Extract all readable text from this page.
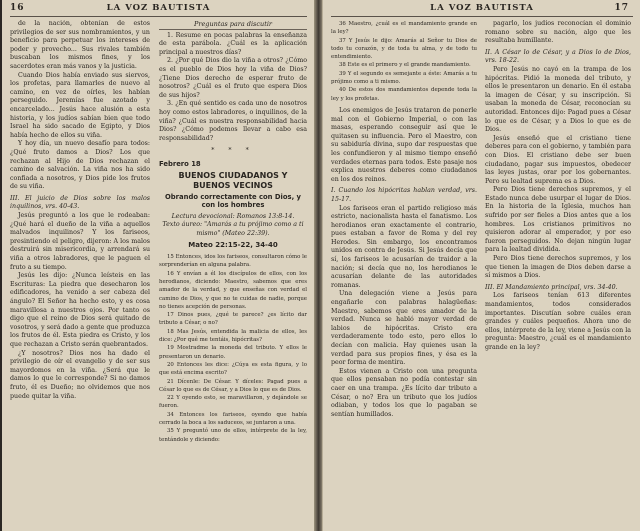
16	LA VOZ BAUTISTA

de la nación, obtenían de estos privilegios de ser sus nombramientos, y un beneficio para perpetuar los intereses de poder y provecho... Sus rivales también buscaban los mismos fines, y los sacerdotes eran más vanos y la justicia.

Cuando Dios había enviado sus siervos, los profetas, para llamarles de nuevo al camino, en vez de oírles, les habían perseguido. Jeremías fue azotado y encarcelado... Jesús hace alusión a esta historia, y los judíos sabían bien que todo Israel ha sido sacado de Egipto, y Dios había hecho de ellos su viña.

Y hoy día, un nuevo desafío para todos: ¿Qué fruto damos a Dios? Los que rechazan al Hijo de Dios rechazan el camino de salvación. La viña nos ha sido confiada a nosotros, y Dios pide los frutos de su viña.

III. El juicio de Dios sobre los malos inquilinos, vrs. 40-43.

Jesús preguntó a los que le rodeaban: ¿Qué hará el dueño de la viña a aquellos malvados inquilinos? Y los fariseos, presintiendo el peligro, dijeron: A los malos destruirá sin misericordia, y arrendará su viña a otros labradores, que le paguen el fruto a su tiempo.

Jesús les dijo: ¿Nunca leísteis en las Escrituras: La piedra que desecharon los edificadores, ha venido a ser cabeza del ángulo? El Señor ha hecho esto, y es cosa maravillosa a nuestros ojos. Por tanto os digo que el reino de Dios será quitado de vosotros, y será dado a gente que produzca los frutos de él. Esta piedra es Cristo, y los que rechazan a Cristo serán quebrantados.

¿Y nosotros? Dios nos ha dado el privilegio de oír el evangelio y de ser sus mayordomos en la viña. ¿Será que le damos lo que le corresponde? Si no damos fruto, él es Dueño; no olvidemos que nos puede quitar la viña.

Preguntas para discutir

1. Resume en pocas palabras la enseñanza de esta parábola. ¿Cuál es la aplicación principal a nuestros días?

2. ¿Por qué Dios dio la viña a otros? ¿Cómo es el pueblo de Dios hoy la viña de Dios? ¿Tiene Dios derecho de esperar fruto de nosotros? ¿Cuál es el fruto que espera Dios de sus hijos?

3. ¿En qué sentido es cada uno de nosotros hoy como estos labradores, o inquilinos, de la viña? ¿Cuál es nuestra responsabilidad hacia Dios? ¿Cómo podemos llevar a cabo esa responsabilidad?

* * *

Febrero 18

BUENOS CIUDADANOS Y BUENOS VECINOS

Obrando correctamente con Dios, y con los hombres

Lectura devocional: Romanos 13:8-14.

Texto áureo: "Amarás a tu prójimo como a ti mismo" (Mateo 22:39).

Mateo 22:15-22, 34-40

15 Entonces, idos los fariseos, consultaron cómo le sorprenderían en alguna palabra.

16 Y envían a él los discípulos de ellos, con los herodianos, diciendo: Maestro, sabemos que eres amador de la verdad, y que enseñas con verdad el camino de Dios, y que no te cuidas de nadie, porque no tienes acepción de personas.

17 Dinos pues, ¿qué te parece? ¿es lícito dar tributo a César, o no?

18 Mas Jesús, entendida la malicia de ellos, les dice: ¿Por qué me tentáis, hipócritas?

19 Mostradme la moneda del tributo. Y ellos le presentaron un denario.

20 Entonces les dice: ¿Cúya es esta figura, y lo que está encima escrito?

21 Dícenle: De César. Y díceles: Pagad pues a César lo que es de César, y a Dios lo que es de Dios.

22 Y oyendo esto, se maravillaron, y dejándole se fueron.

34 Entonces los fariseos, oyendo que había cerrado la boca a los saduceos, se juntaron a una.

35 Y preguntó uno de ellos, intérprete de la ley, tentándole y diciendo:

LA VOZ BAUTISTA	17

36 Maestro, ¿cuál es el mandamiento grande en la ley?

37 Y Jesús le dijo: Amarás al Señor tu Dios de todo tu corazón, y de toda tu alma, y de todo tu entendimiento.

38 Este es el primero y el grande mandamiento.

39 Y el segundo es semejante a éste: Amarás a tu prójimo como a ti mismo.

40 De estos dos mandamientos depende toda la ley y los profetas.

Los enemigos de Jesús trataron de ponerle mal con el Gobierno Imperial, o con las masas, esperando conseguir así que le quitasen su influencia. Pero el Maestro, con su sabiduría divina, supo dar respuestas que les confundieron y al mismo tiempo enseñó verdades eternas para todos. Este pasaje nos explica nuestros deberes como ciudadanos en los dos reinos.

I. Cuando los hipócritas hablan verdad, vrs. 15-17.

Los fariseos eran el partido religioso más estricto, nacionalista hasta el fanatismo. Los herodianos eran exactamente el contrario, pues estaban a favor de Roma y del rey Herodes. Sin embargo, los encontramos unidos en contra de Jesús. Si Jesús decía que sí, los fariseos le acusarían de traidor a la nación; si decía que no, los herodianos le acusarían delante de las autoridades romanas.

Una delegación viene a Jesús para engañarle con palabras halagüeñas: Maestro, sabemos que eres amador de la verdad. Nunca se habló mayor verdad de labios de hipócritas. Cristo era verdaderamente todo esto, pero ellos lo decían con malicia. Hay quienes usan la verdad para sus propios fines, y ésa es la peor forma de mentira.

Estos vienen a Cristo con una pregunta que ellos pensaban no podía contestar sin caer en una trampa. ¿Es lícito dar tributo a César, o no? Era un tributo que los judíos odiaban, y todos los que lo pagaban se sentían humillados.

pagarlo, los judíos reconocían el dominio romano sobre su nación, algo que les resultaba humillante.

II. A César lo de César, y a Dios lo de Dios, vrs. 18-22.

Pero Jesús no cayó en la trampa de los hipócritas. Pidió la moneda del tributo, y ellos le presentaron un denario. En él estaba la imagen de César, y su inscripción. Si usaban la moneda de César, reconocían su autoridad. Entonces dijo: Pagad pues a César lo que es de César, y a Dios lo que es de Dios.

Jesús enseñó que el cristiano tiene deberes para con el gobierno, y también para con Dios. El cristiano debe ser buen ciudadano, pagar sus impuestos, obedecer las leyes justas, orar por los gobernantes. Pero su lealtad suprema es a Dios.

Pero Dios tiene derechos supremos, y el Estado nunca debe usurpar el lugar de Dios. En la historia de la Iglesia, muchos han sufrido por ser fieles a Dios antes que a los hombres. Los cristianos primitivos no quisieron adorar al emperador, y por eso fueron perseguidos. No dejan ningún lugar para la lealtad dividida.

Pero Dios tiene derechos supremos, y los que tienen la imagen de Dios deben darse a sí mismos a Dios.

III. El Mandamiento principal, vrs. 34-40.

Los fariseos tenían 613 diferentes mandamientos, todos considerados importantes. Discutían sobre cuáles eran grandes y cuáles pequeños. Ahora uno de ellos, intérprete de la ley, viene a Jesús con la pregunta: Maestro, ¿cuál es el mandamiento grande en la ley?
